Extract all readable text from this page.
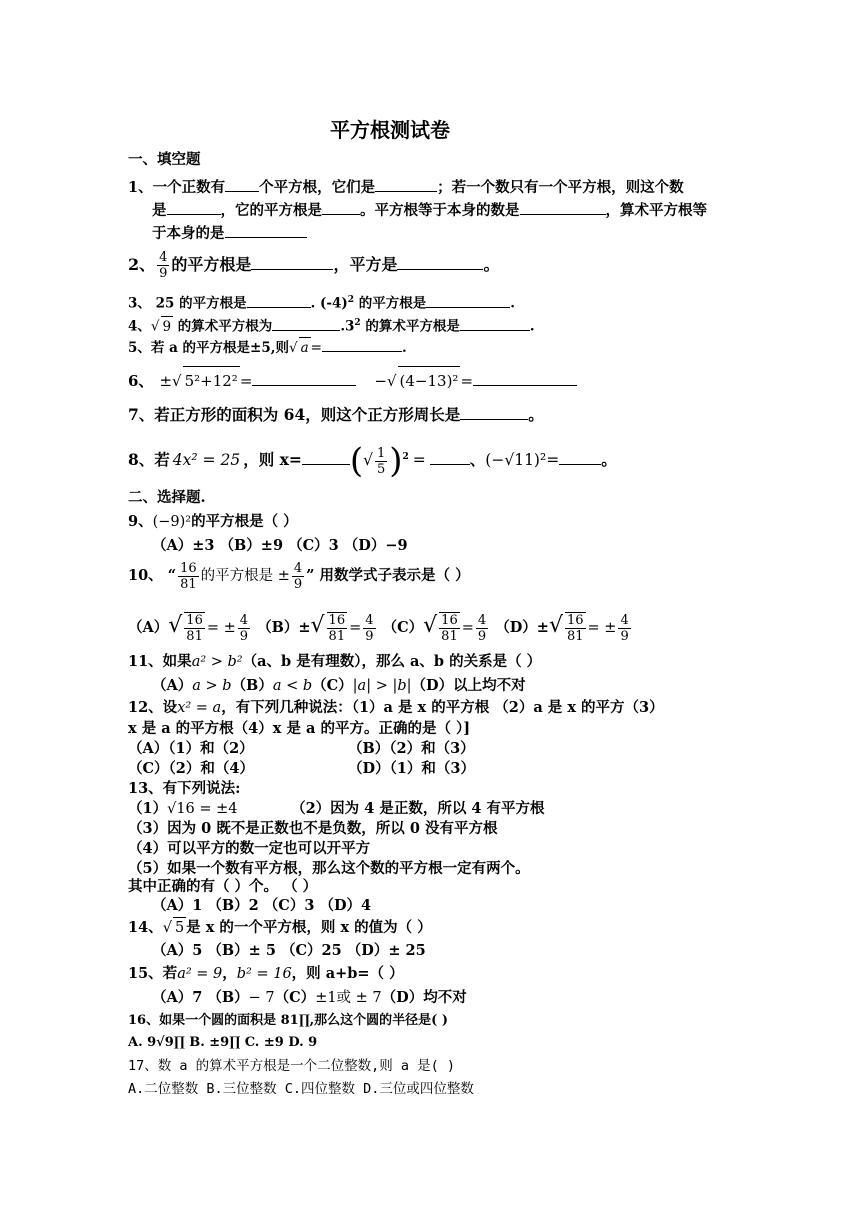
平方根测试卷
一、填空题
1、一个正数有 个平方根，它们是	；若一个数只有一个平方根，则这个数
是	，它的平方根是	。平方根等于本身的数是	，算术平方根等
于本身的是
2、 $\frac{4}{9}$ 的平方根是	，平方是	。
3、 25 的平方根是	. $(-4)^2$ 的平方根是	.
4、√ 9 的算术平方根为	$.3^2$ 的算术平方根是	.
5、若 a 的平方根是±5,则√ a =	.
6、 ±√ 5²+12² =	−√ (4−13)² =
7、若正方形的面积为 64，则这个正方形周长是	。
8、若 4x² = 25 ，则 x= (√ $\frac{1}{5} )^2$ =	、(−√11)²=	。
二、选择题.
9、(−9)²的平方根是（ ）
（A）±3 （B）±9 （C）3 （D）−9
10、 “ $\frac{16}{81}$ 的平方根是 ± $\frac{4}{9}$ ” 用数学式子表示是（ ）
$(A)√ \frac{16}{81}$ = ± $\frac{4}{9} (B)\pm√ \frac{16}{81} = \frac{4}{9} (C)√ \frac{16}{81} = \frac{4}{9} (D)\pm√ \frac{16}{81}$ = ± $\frac{4}{9}$
11、如果a² > b²（a、b 是有理数），那么 a、b 的关系是（ ）
（A）a > b（B）a < b（C）|a| > |b|（D）以上均不对
12、设x² = a，有下列几种说法：（1）a 是 x 的平方根 （2）a 是 x 的平方（3）
x 是 a 的平方根（4）x 是 a 的平方。正确的是（ ）]
（A）（1）和（2）	（B）（2）和（3）
（C）（2）和（4）	（D）（1）和（3）
13、有下列说法:
（1）√16 = ±4	（2）因为 4 是正数，所以 4 有平方根
（3）因为 0 既不是正数也不是负数，所以 0 没有平方根
（4）可以平方的数一定也可以开平方
（5）如果一个数有平方根，那么这个数的平方根一定有两个。
其中正确的有（ ）个。 （ ）
（A）1 （B）2 （C）3 （D）4
14、√ 5 是 x 的一个平方根，则 x 的值为（ ）
（A）5 （B）± 5 （C）25 （D）± 25
15、若a² = 9，b² = 16，则 a+b=（ ）
（A）7 （B）− 7（C）±1或 ± 7（D）均不对
16、如果一个圆的面积是 81∏,那么这个圆的半径是( )
A. 9√9∏ B. ±9∏ C. ±9 D. 9
17、数 a 的算术平方根是一个二位整数,则 a 是( )
A.二位整数 B.三位整数 C.四位整数 D.三位或四位整数
